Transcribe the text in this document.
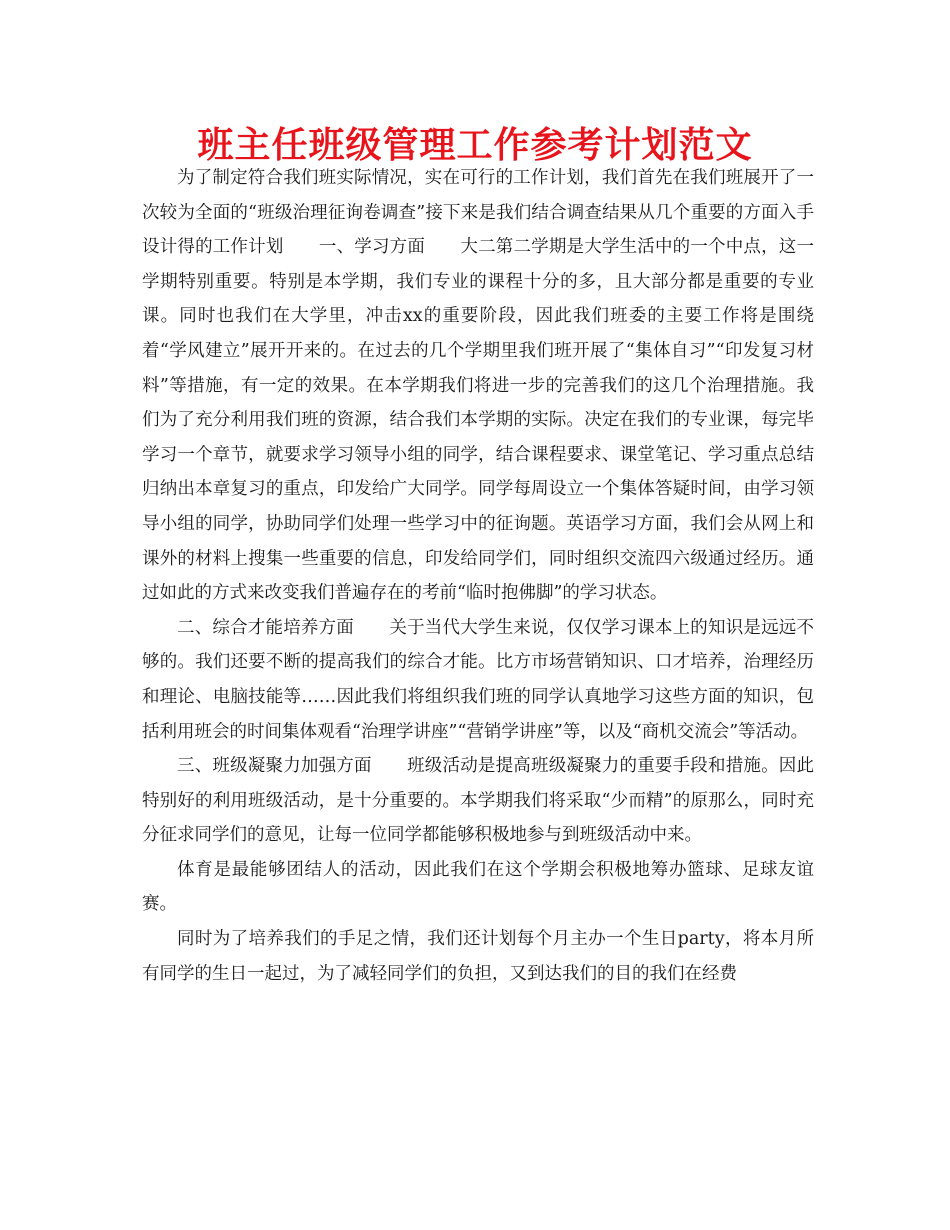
班主任班级管理工作参考计划范文

为了制定符合我们班实际情况，实在可行的工作计划，我们首先在我们班展开了一次较为全面的“班级治理征询卷调查”接下来是我们结合调查结果从几个重要的方面入手设计得的工作计划　　一、学习方面　　大二第二学期是大学生活中的一个中点，这一学期特别重要。特别是本学期，我们专业的课程十分的多，且大部分都是重要的专业课。同时也我们在大学里，冲击xx的重要阶段，因此我们班委的主要工作将是围绕着“学风建立”展开开来的。在过去的几个学期里我们班开展了“集体自习”“印发复习材料”等措施，有一定的效果。在本学期我们将进一步的完善我们的这几个治理措施。我们为了充分利用我们班的资源，结合我们本学期的实际。决定在我们的专业课，每完毕学习一个章节，就要求学习领导小组的同学，结合课程要求、课堂笔记、学习重点总结归纳出本章复习的重点，印发给广大同学。同学每周设立一个集体答疑时间，由学习领导小组的同学，协助同学们处理一些学习中的征询题。英语学习方面，我们会从网上和课外的材料上搜集一些重要的信息，印发给同学们，同时组织交流四六级通过经历。通过如此的方式来改变我们普遍存在的考前“临时抱佛脚”的学习状态。

二、综合才能培养方面　　关于当代大学生来说，仅仅学习课本上的知识是远远不够的。我们还要不断的提高我们的综合才能。比方市场营销知识、口才培养，治理经历和理论、电脑技能等……因此我们将组织我们班的同学认真地学习这些方面的知识，包括利用班会的时间集体观看“治理学讲座”“营销学讲座”等，以及“商机交流会”等活动。

三、班级凝聚力加强方面　　班级活动是提高班级凝聚力的重要手段和措施。因此特别好的利用班级活动，是十分重要的。本学期我们将采取“少而精”的原那么，同时充分征求同学们的意见，让每一位同学都能够积极地参与到班级活动中来。

体育是最能够团结人的活动，因此我们在这个学期会积极地筹办篮球、足球友谊赛。

同时为了培养我们的手足之情，我们还计划每个月主办一个生日party，将本月所有同学的生日一起过，为了减轻同学们的负担，又到达我们的目的我们在经费
